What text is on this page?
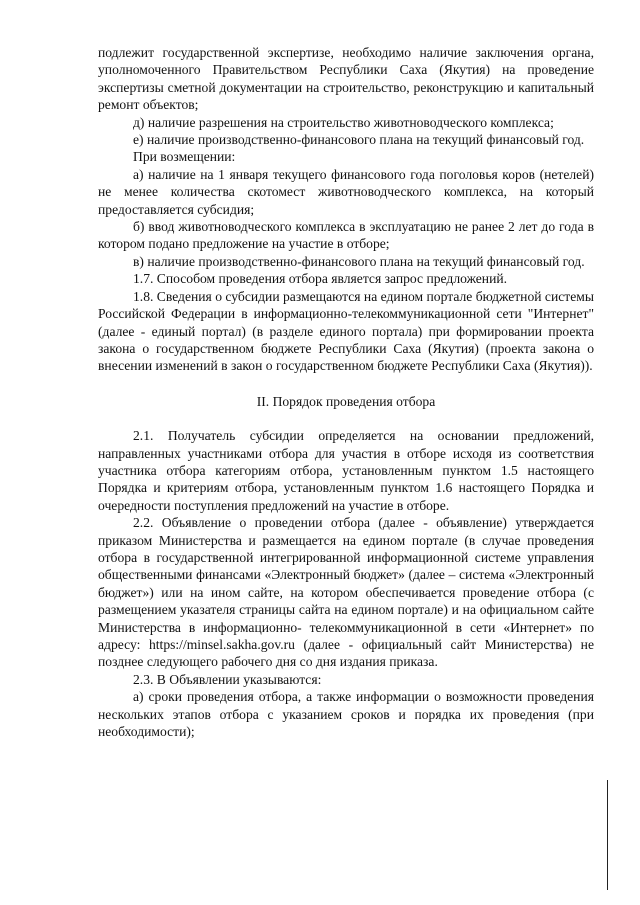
подлежит государственной экспертизе, необходимо наличие заключения органа, уполномоченного Правительством Республики Саха (Якутия) на проведение экспертизы сметной документации на строительство, реконструкцию и капитальный ремонт объектов;

д) наличие разрешения на строительство животноводческого комплекса;

е) наличие производственно-финансового плана на текущий финансовый год.

При возмещении:

а) наличие на 1 января текущего финансового года поголовья коров (нетелей) не менее количества скотомест животноводческого комплекса, на который предоставляется субсидия;

б) ввод животноводческого комплекса в эксплуатацию не ранее 2 лет до года в котором подано предложение на участие в отборе;

в) наличие производственно-финансового плана на текущий финансовый год.

1.7. Способом проведения отбора является запрос предложений.

1.8. Сведения о субсидии размещаются на едином портале бюджетной системы Российской Федерации в информационно-телекоммуникационной сети "Интернет" (далее - единый портал) (в разделе единого портала) при формировании проекта закона о государственном бюджете Республики Саха (Якутия) (проекта закона о внесении изменений в закон о государственном бюджете Республики Саха (Якутия)).

II. Порядок проведения отбора

2.1. Получатель субсидии определяется на основании предложений, направленных участниками отбора для участия в отборе исходя из соответствия участника отбора категориям отбора, установленным пунктом 1.5 настоящего Порядка и критериям отбора, установленным пунктом 1.6 настоящего Порядка и очередности поступления предложений на участие в отборе.

2.2. Объявление о проведении отбора (далее - объявление) утверждается приказом Министерства и размещается на едином портале (в случае проведения отбора в государственной интегрированной информационной системе управления общественными финансами «Электронный бюджет» (далее – система «Электронный бюджет») или на ином сайте, на котором обеспечивается проведение отбора (с размещением указателя страницы сайта на едином портале) и на официальном сайте Министерства в информационно- телекоммуникационной в сети «Интернет» по адресу: https://minsel.sakha.gov.ru (далее - официальный сайт Министерства) не позднее следующего рабочего дня со дня издания приказа.

2.3. В Объявлении указываются:

а) сроки проведения отбора, а также информации о возможности проведения нескольких этапов отбора с указанием сроков и порядка их проведения (при необходимости);
